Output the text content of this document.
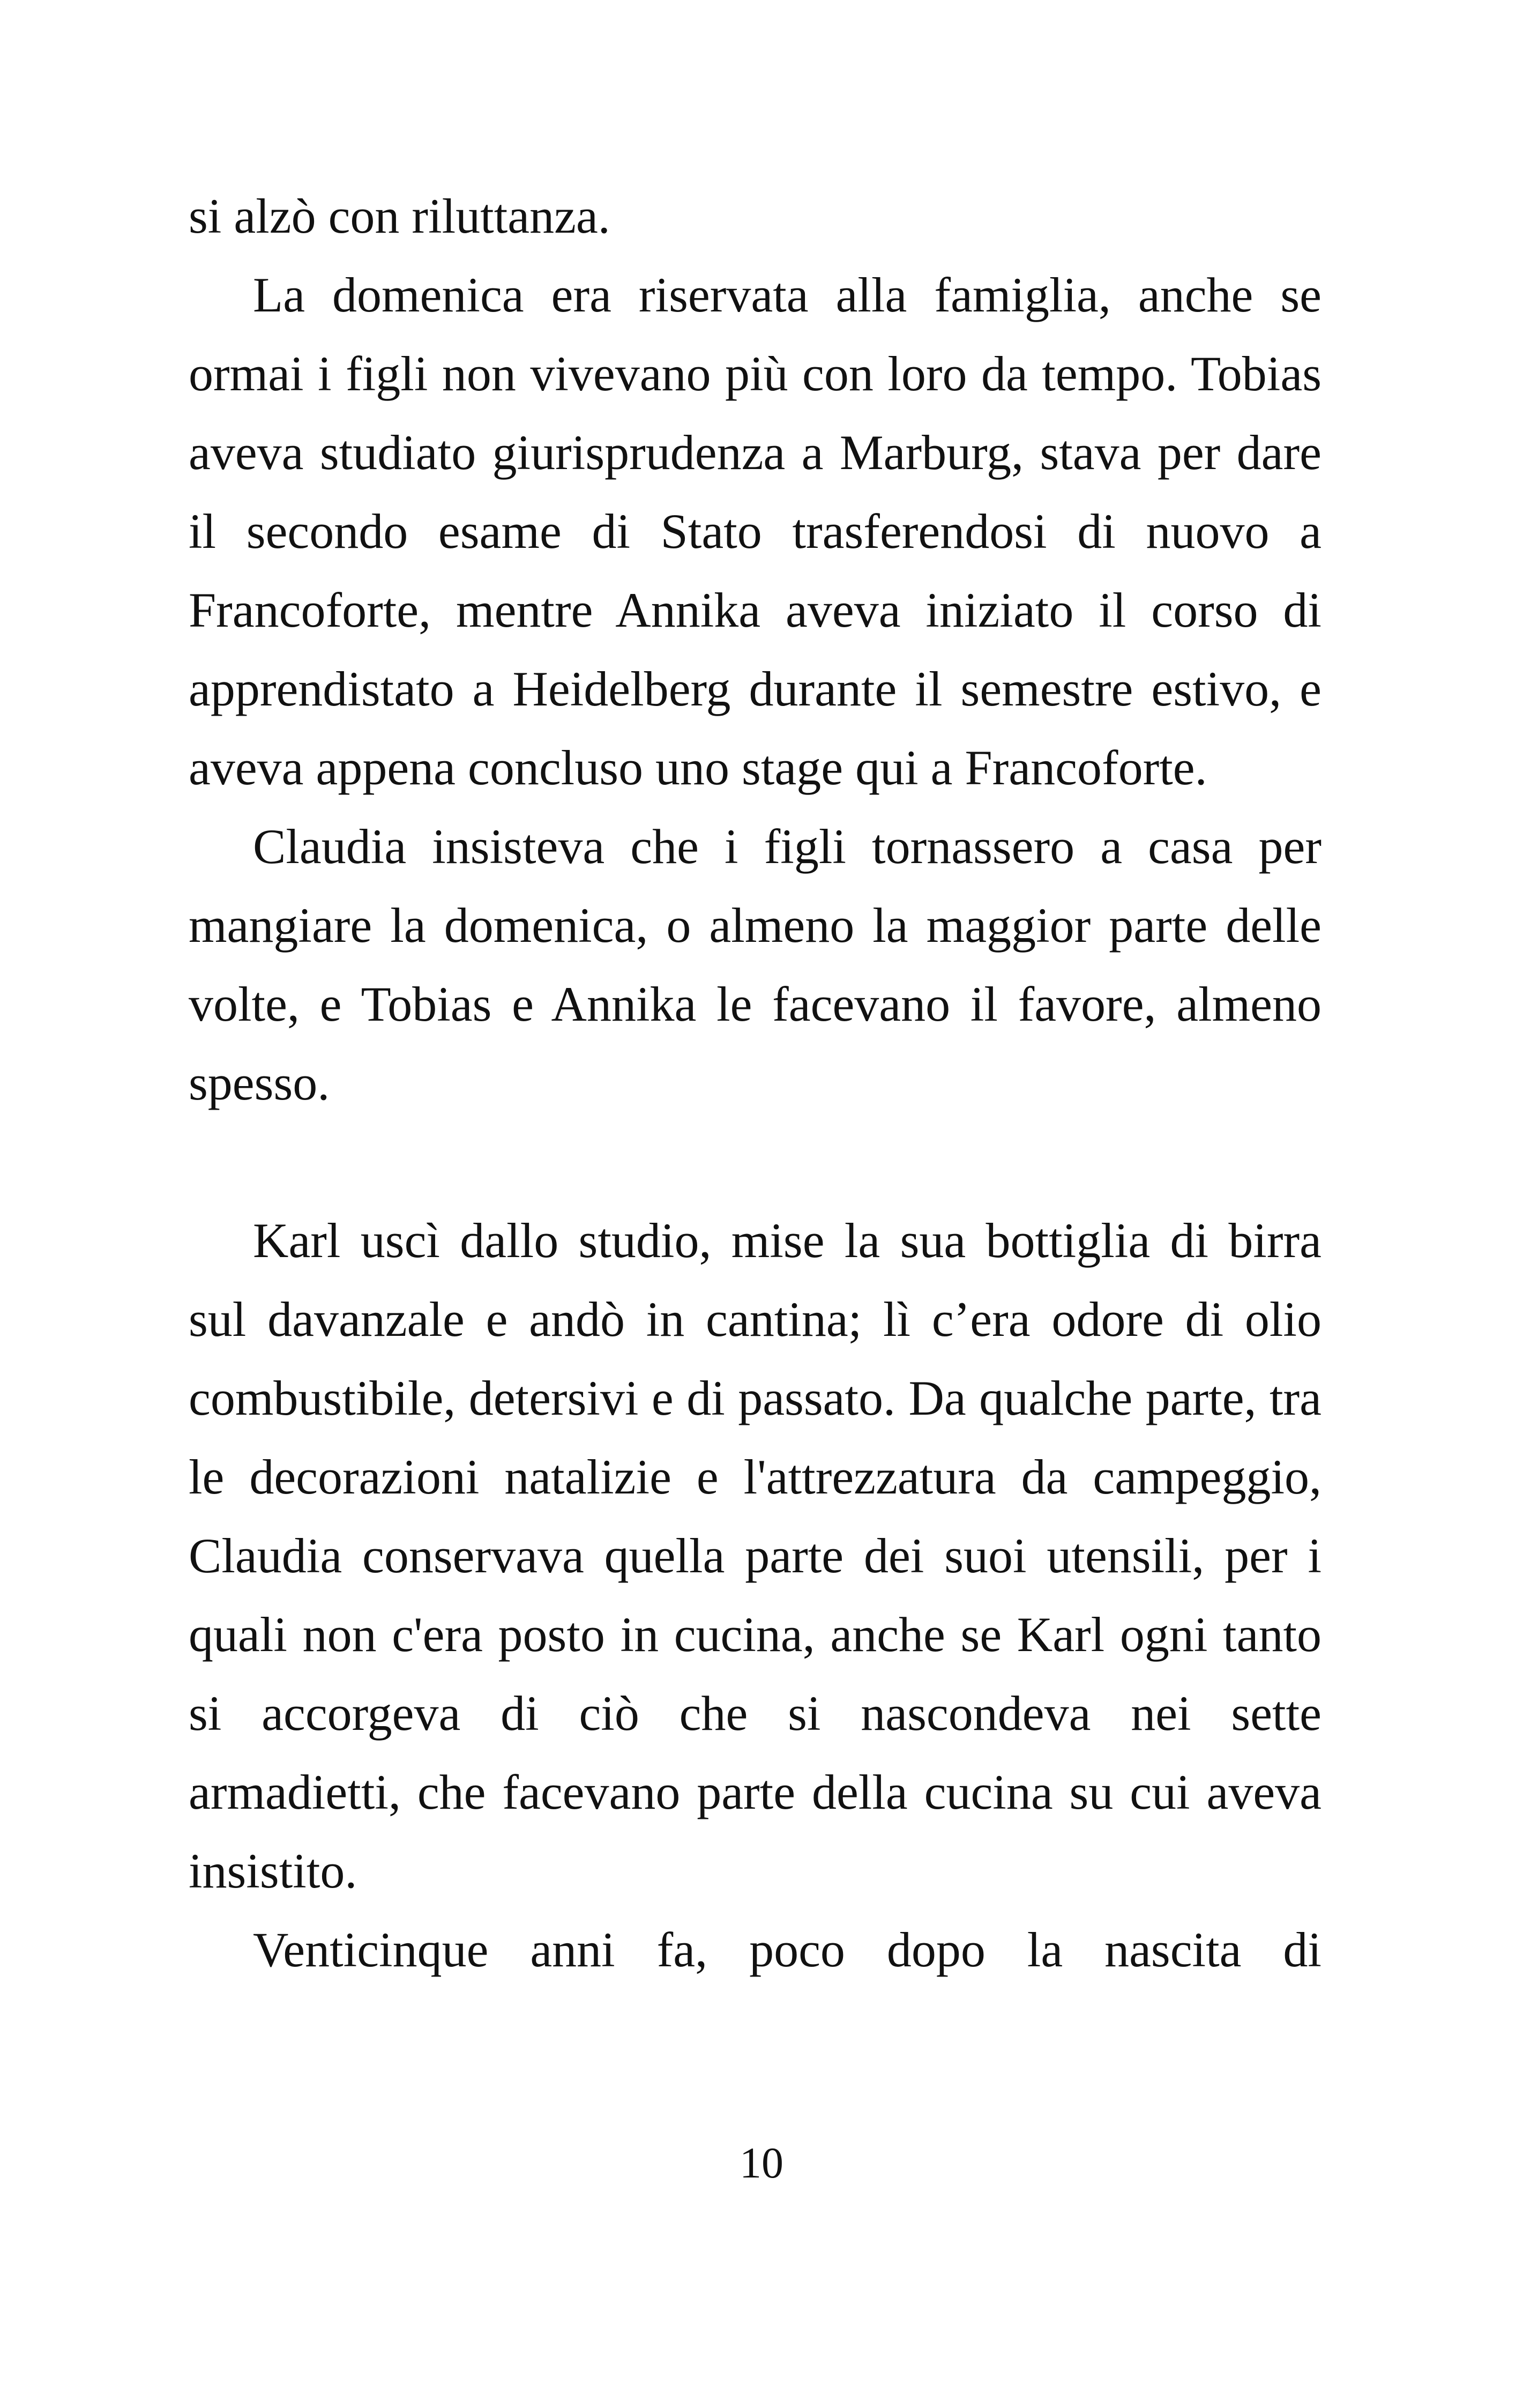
si alzò con riluttanza.

La domenica era riservata alla famiglia, anche se ormai i figli non vivevano più con loro da tempo. Tobias aveva studiato giurisprudenza a Marburg, stava per dare il secondo esame di Stato trasferendosi di nuovo a Francoforte, mentre Annika aveva iniziato il corso di apprendistato a Heidelberg durante il semestre estivo, e aveva appena concluso uno stage qui a Francoforte.

Claudia insisteva che i figli tornassero a casa per mangiare la domenica, o almeno la maggior parte delle volte, e Tobias e Annika le facevano il favore, almeno spesso.

Karl uscì dallo studio, mise la sua bottiglia di birra sul davanzale e andò in cantina; lì c’era odore di olio combustibile, detersivi e di passato. Da qualche parte, tra le decorazioni natalizie e l'attrezzatura da campeggio, Claudia conservava quella parte dei suoi utensili, per i quali non c'era posto in cucina, anche se Karl ogni tanto si accorgeva di ciò che si nascondeva nei sette armadietti, che facevano parte della cucina su cui aveva insistito.

Venticinque anni fa, poco dopo la nascita di

10
